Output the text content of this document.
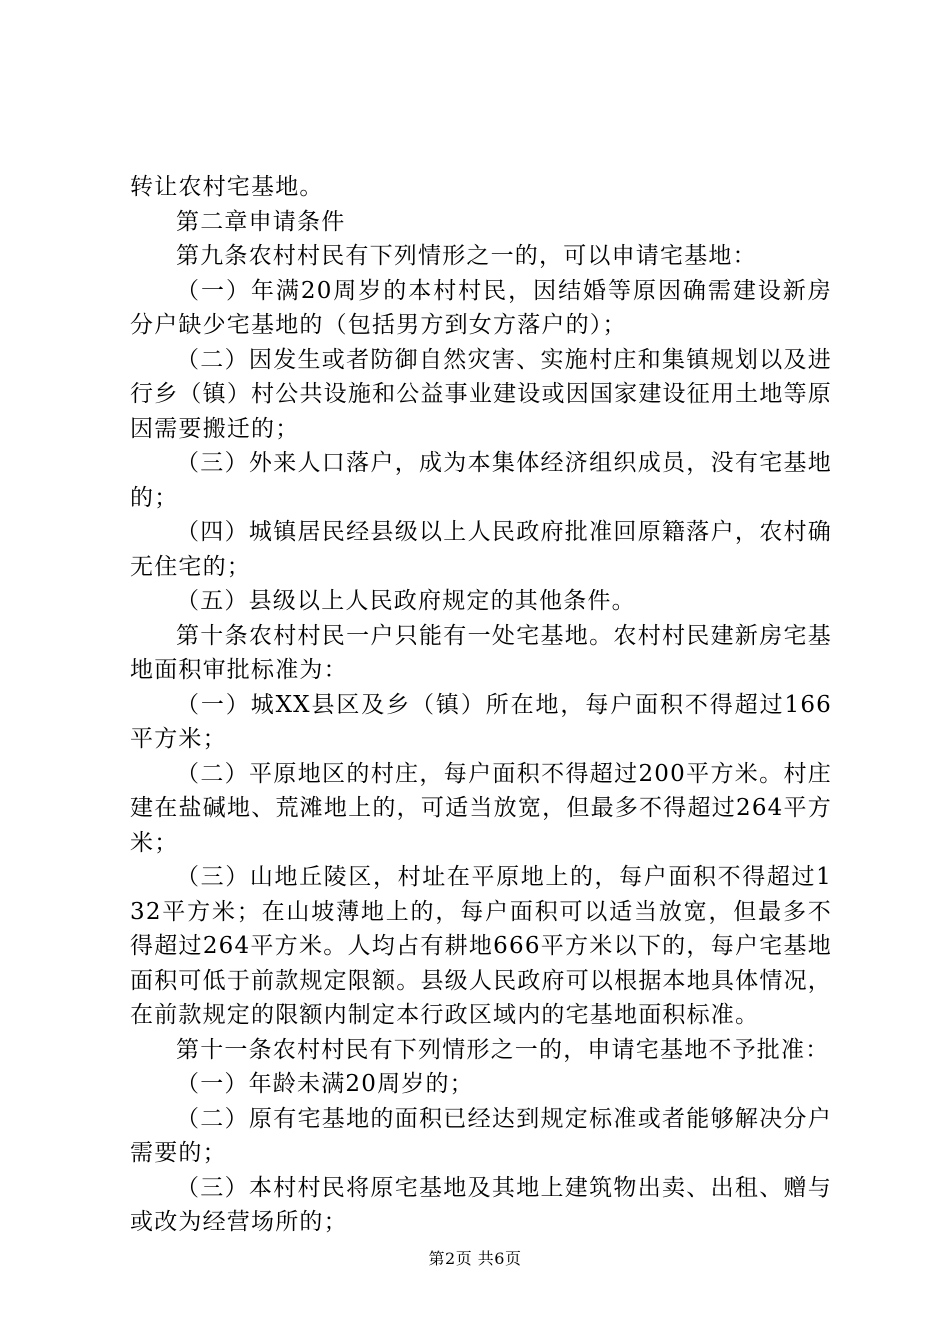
转让农村宅基地。

第二章申请条件

第九条农村村民有下列情形之一的，可以申请宅基地：

（一）年满20周岁的本村村民，因结婚等原因确需建设新房分户缺少宅基地的（包括男方到女方落户的）；

（二）因发生或者防御自然灾害、实施村庄和集镇规划以及进行乡（镇）村公共设施和公益事业建设或因国家建设征用土地等原因需要搬迁的；

（三）外来人口落户，成为本集体经济组织成员，没有宅基地的；

（四）城镇居民经县级以上人民政府批准回原籍落户，农村确无住宅的；

（五）县级以上人民政府规定的其他条件。

第十条农村村民一户只能有一处宅基地。农村村民建新房宅基地面积审批标准为：

（一）城XX县区及乡（镇）所在地，每户面积不得超过166平方米；

（二）平原地区的村庄，每户面积不得超过200平方米。村庄建在盐碱地、荒滩地上的，可适当放宽，但最多不得超过264平方米；

（三）山地丘陵区，村址在平原地上的，每户面积不得超过132平方米；在山坡薄地上的，每户面积可以适当放宽，但最多不得超过264平方米。人均占有耕地666平方米以下的，每户宅基地面积可低于前款规定限额。县级人民政府可以根据本地具体情况，在前款规定的限额内制定本行政区域内的宅基地面积标准。

第十一条农村村民有下列情形之一的，申请宅基地不予批准：

（一）年龄未满20周岁的；

（二）原有宅基地的面积已经达到规定标准或者能够解决分户需要的；

（三）本村村民将原宅基地及其地上建筑物出卖、出租、赠与或改为经营场所的；

第2页 共6页
